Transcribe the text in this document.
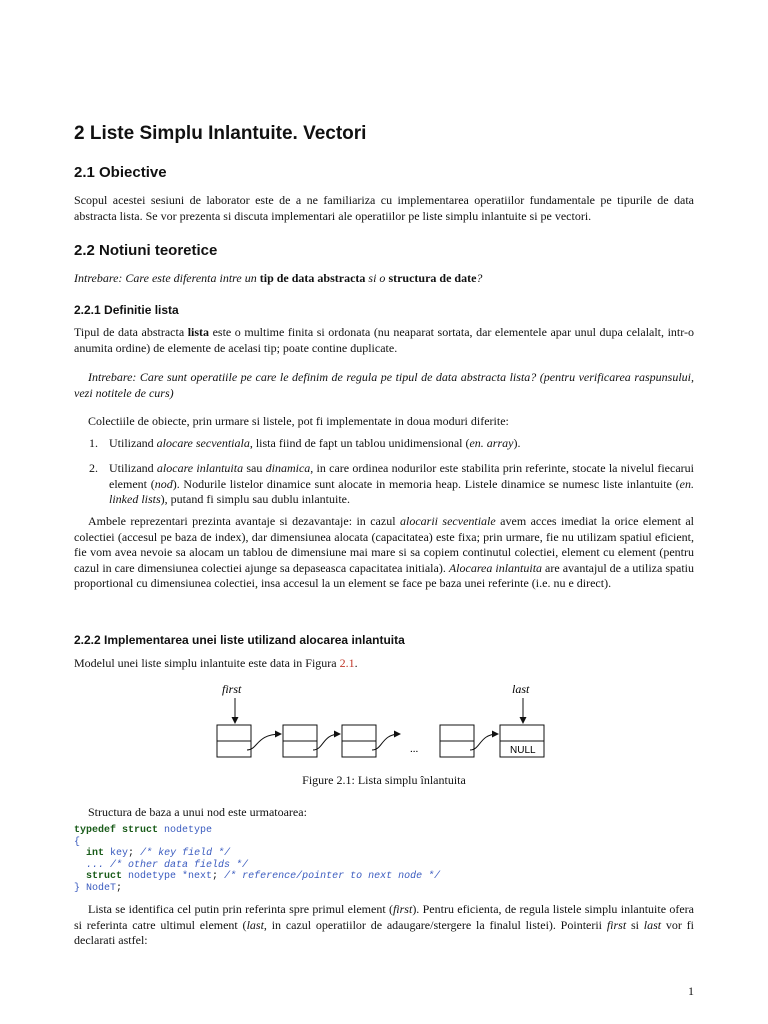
2 Liste Simplu Inlantuite. Vectori
2.1 Obiective
Scopul acestei sesiuni de laborator este de a ne familiariza cu implementarea operatiilor fundamentale pe tipurile de data abstracta lista. Se vor prezenta si discuta implementari ale operatiilor pe liste simplu inlantuite si pe vectori.
2.2 Notiuni teoretice
Intrebare: Care este diferenta intre un tip de data abstracta si o structura de date?
2.2.1 Definitie lista
Tipul de data abstracta lista este o multime finita si ordonata (nu neaparat sortata, dar elementele apar unul dupa celalalt, intr-o anumita ordine) de elemente de acelasi tip; poate contine duplicate.
Intrebare: Care sunt operatiile pe care le definim de regula pe tipul de data abstracta lista? (pentru verificarea raspunsului, vezi notitele de curs)
Colectiile de obiecte, prin urmare si listele, pot fi implementate in doua moduri diferite:
1. Utilizand alocare secventiala, lista fiind de fapt un tablou unidimensional (en. array).
2. Utilizand alocare inlantuita sau dinamica, in care ordinea nodurilor este stabilita prin referinte, stocate la nivelul fiecarui element (nod). Nodurile listelor dinamice sunt alocate in memoria heap. Listele dinamice se numesc liste inlantuite (en. linked lists), putand fi simplu sau dublu inlantuite.
Ambele reprezentari prezinta avantaje si dezavantaje: in cazul alocarii secventiale avem acces imediat la orice element al colectiei (accesul pe baza de index), dar dimensiunea alocata (capacitatea) este fixa; prin urmare, fie nu utilizam spatiul eficient, fie vom avea nevoie sa alocam un tablou de dimensiune mai mare si sa copiem continutul colectiei, element cu element (pentru cazul in care dimensiunea colectiei ajunge sa depaseasca capacitatea initiala). Alocarea inlantuita are avantajul de a utiliza spatiu proportional cu dimensiunea colectiei, insa accesul la un element se face pe baza unei referinte (i.e. nu e direct).
2.2.2 Implementarea unei liste utilizand alocarea inlantuita
Modelul unei liste simplu inlantuite este data in Figura 2.1.
first	last
NULL
...
Figure 2.1: Lista simplu înlantuita
Structura de baza a unui nod este urmatoarea:
typedef struct nodetype
{
int key; /* key field */
... /* other data fields */
struct nodetype *next; /* reference/pointer to next node */
} NodeT;
Lista se identifica cel putin prin referinta spre primul element (first). Pentru eficienta, de regula listele simplu inlantuite ofera si referinta catre ultimul element (last, in cazul operatiilor de adaugare/stergere la finalul listei). Pointerii first si last vor fi declarati astfel:
1
